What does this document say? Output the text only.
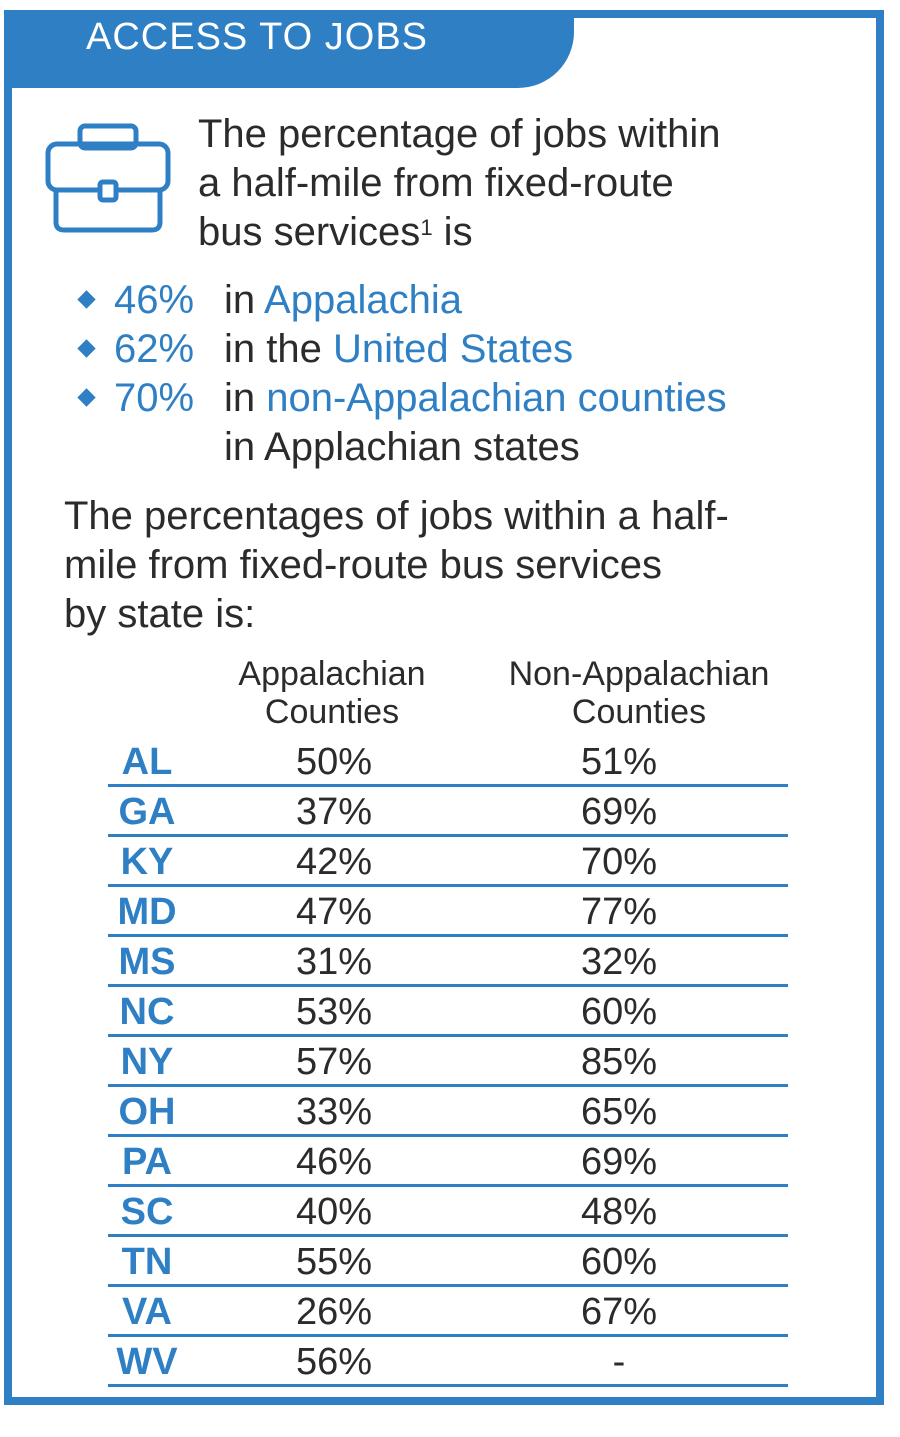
ACCESS TO JOBS
The percentage of jobs within
a half-mile from fixed-route
bus services$^1$ is
46% in Appalachia
62% in the United States
70% in non-Appalachian counties
in Applachian states
The percentages of jobs within a half-
mile from fixed-route bus services
by state is:
Appalachian
Counties
Non-Appalachian
Counties
AL	50%	51%
GA	37%	69%
KY	42%	70%
MD	47%	77%
MS	31%	32%
NC	53%	60%
NY	57%	85%
OH	33%	65%
PA	46%	69%
SC	40%	48%
TN	55%	60%
VA	26%	67%
WV	56%	-
